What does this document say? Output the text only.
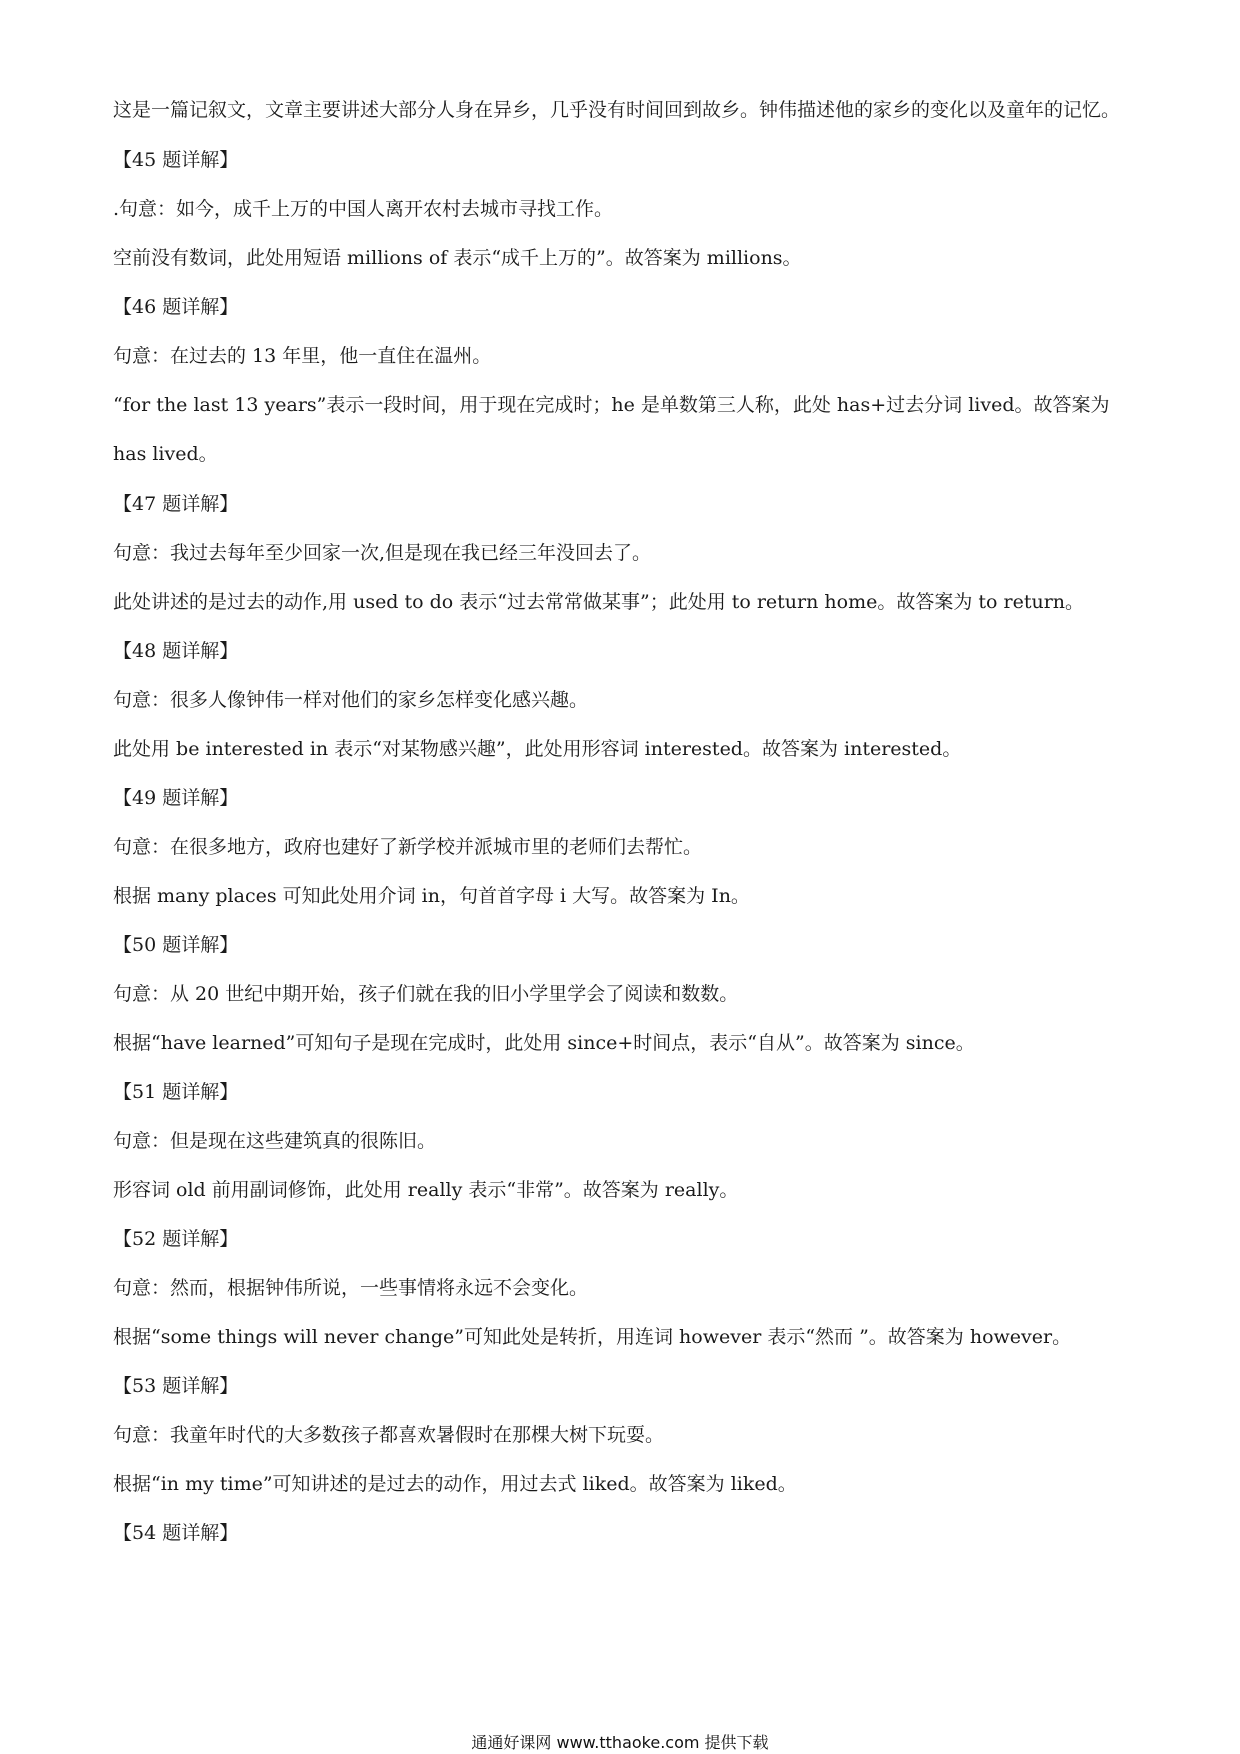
这是一篇记叙文，文章主要讲述大部分人身在异乡，几乎没有时间回到故乡。钟伟描述他的家乡的变化以及童年的记忆。
【45 题详解】
.句意：如今，成千上万的中国人离开农村去城市寻找工作。
空前没有数词，此处用短语 millions of 表示“成千上万的”。故答案为 millions。
【46 题详解】
句意：在过去的 13 年里，他一直住在温州。
“for the last 13 years”表示一段时间，用于现在完成时；he 是单数第三人称，此处 has+过去分词 lived。故答案为 has lived。
【47 题详解】
句意：我过去每年至少回家一次,但是现在我已经三年没回去了。
此处讲述的是过去的动作,用 used to do 表示“过去常常做某事”；此处用 to return home。故答案为 to return。
【48 题详解】
句意：很多人像钟伟一样对他们的家乡怎样变化感兴趣。
此处用 be interested in 表示“对某物感兴趣”，此处用形容词 interested。故答案为 interested。
【49 题详解】
句意：在很多地方，政府也建好了新学校并派城市里的老师们去帮忙。
根据 many places 可知此处用介词 in，句首首字母 i 大写。故答案为 In。
【50 题详解】
句意：从 20 世纪中期开始，孩子们就在我的旧小学里学会了阅读和数数。
根据“have learned”可知句子是现在完成时，此处用 since+时间点，表示“自从”。故答案为 since。
【51 题详解】
句意：但是现在这些建筑真的很陈旧。
形容词 old 前用副词修饰，此处用 really 表示“非常”。故答案为 really。
【52 题详解】
句意：然而，根据钟伟所说，一些事情将永远不会变化。
根据“some things will never change”可知此处是转折，用连词 however 表示“然而 ”。故答案为 however。
【53 题详解】
句意：我童年时代的大多数孩子都喜欢暑假时在那棵大树下玩耍。
根据“in my time”可知讲述的是过去的动作，用过去式 liked。故答案为 liked。
【54 题详解】
通通好课网 www.tthaoke.com 提供下载
